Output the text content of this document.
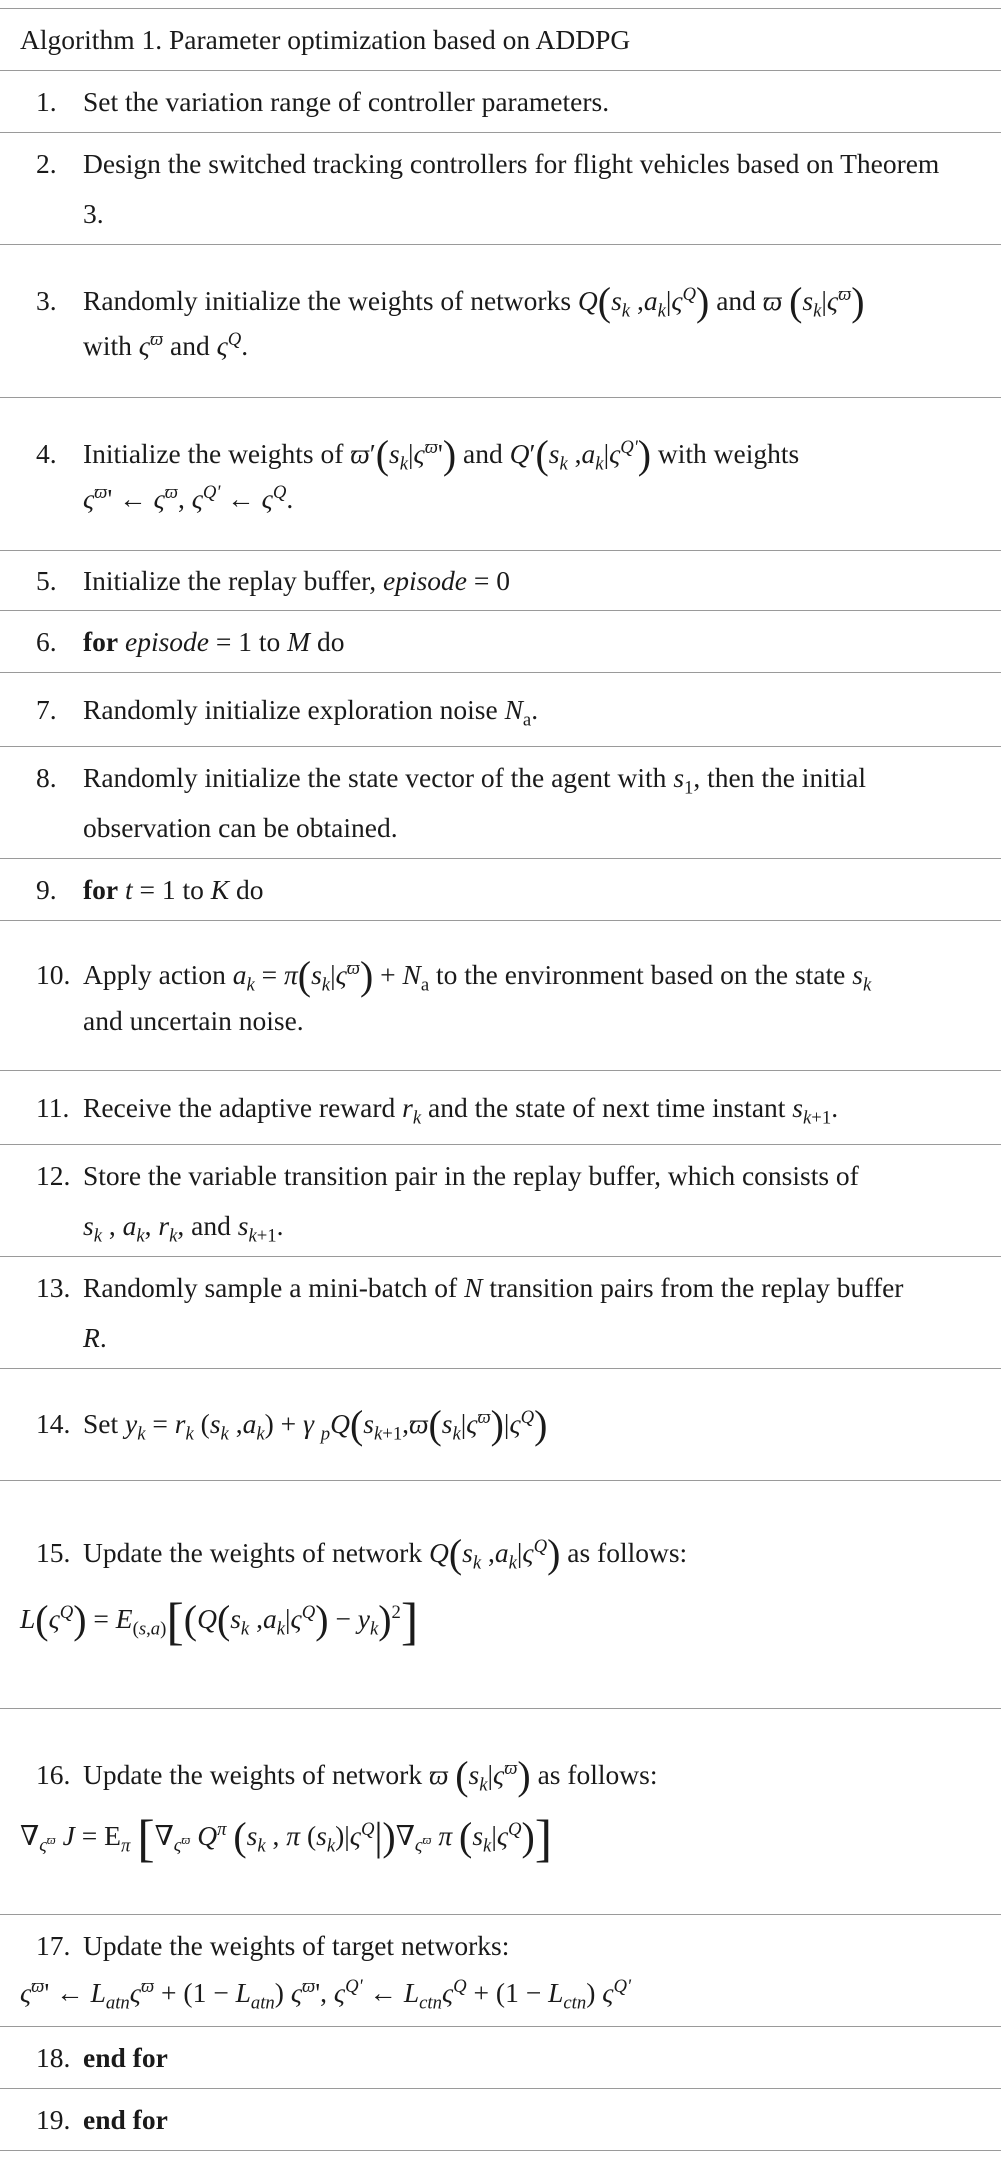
Algorithm 1. Parameter optimization based on ADDPG
1. Set the variation range of controller parameters.
2. Design the switched tracking controllers for flight vehicles based on Theorem
3.
3. Randomly initialize the weights of networks $Q(s_k$ $,a_k|\varsigma^Q$) and ϖ $(s_k|\varsigma^ϖ)$
with $\varsigma^ϖ$ and $\varsigma^Q$.
4. Initialize the weights of $ϖ'(s_k|\varsigma^ϖ')$ and $Q'(s_k$ $,a_k|\varsigma^{Q'}$) with weights
$\varsigma^ϖ'$ ← $\varsigma^ϖ$, $\varsigma^{Q'}$ ← $\varsigma^Q$.
5. Initialize the replay buffer, episode = 0
6. for episode = 1 to M do
7. Randomly initialize exploration noise $N_a$.
8. Randomly initialize the state vector of the agent with $s_1$, then the initial
observation can be obtained.
9. for t = 1 to K do
10. Apply action $a_k = \pi(s_k|\varsigma^ϖ) + N_a$ to the environment based on the state $s_k$
and uncertain noise.
11. Receive the adaptive reward $r_k$ and the state of next time instant $s_{k+1}$.
12. Store the variable transition pair in the replay buffer, which consists of
$s_k$ , $a_k$, $r_k$, and $s_{k+1}$.
13. Randomly sample a mini-batch of N transition pairs from the replay buffer
R.
14. Set $y_k = r_k$ ($s_k$ $,a_k) + \gamma$ $_pQ(s_{k+1},ϖ(s_k|\varsigma^ϖ)|\varsigma^Q)$
15. Update the weights of network $Q(s_k$ $,a_k|\varsigma^Q$) as follows:
$L(\varsigma^Q) = E_{(s,a)}[(Q(s_k$ $,a_k|\varsigma^Q) - y_k)^2$]
16. Update the weights of network ϖ $(s_k|\varsigma^ϖ)$ as follows:
$\nabla_{\varsigma^ϖ}$ $J = E_\pi$ [$\nabla_{\varsigma^ϖ}$ $Q^\pi$ ($s_k$ , π $(s_k)|\varsigma^Q|)\nabla_{\varsigma^ϖ}$ π $(s_k|\varsigma^Q)$]
17. Update the weights of target networks:
$\varsigma^ϖ'$ ← $L_{atn}\varsigma^ϖ + (1 - L_{atn})$ $\varsigma^ϖ'$, $\varsigma^{Q'}$ ← $L_{ctn}\varsigma^Q + (1 - L_{ctn})$ $\varsigma^{Q'}$
18. end for
19. end for
